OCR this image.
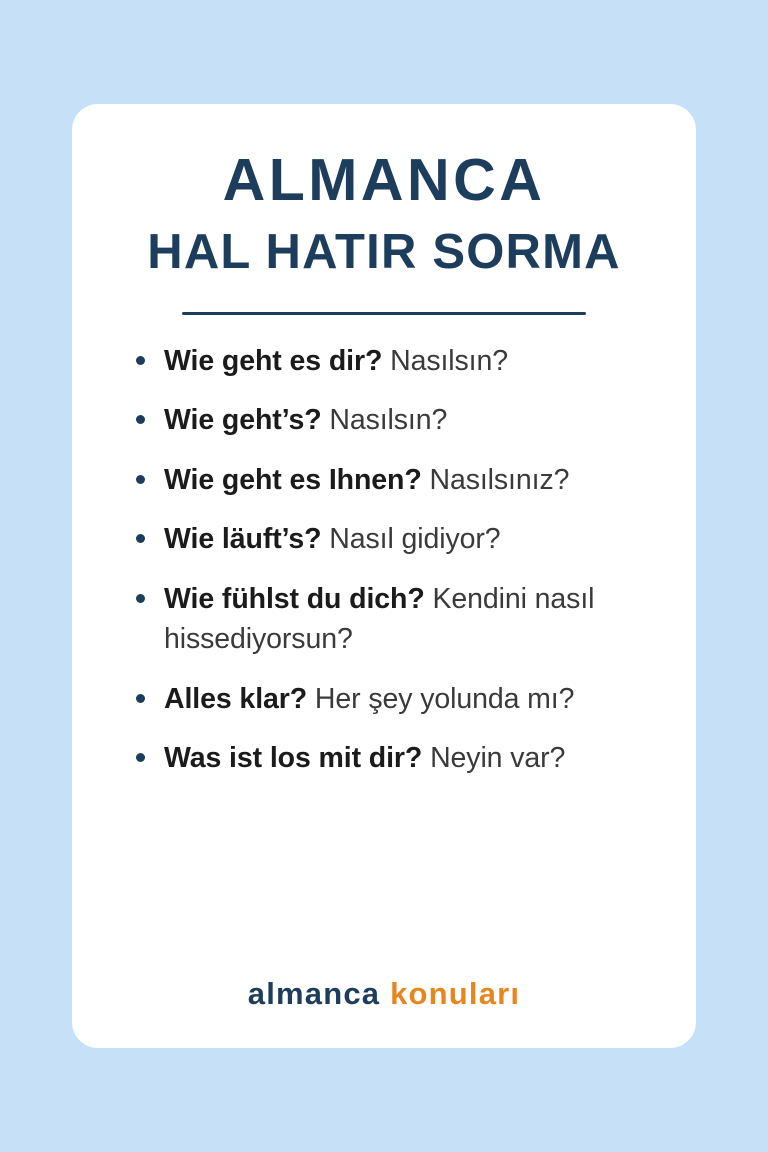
ALMANCA
HAL HATIR SORMA
Wie geht es dir? Nasılsın?
Wie geht’s? Nasılsın?
Wie geht es Ihnen? Nasılsınız?
Wie läuft’s? Nasıl gidiyor?
Wie fühlst du dich? Kendini nasıl hissediyorsun?
Alles klar? Her şey yolunda mı?
Was ist los mit dir? Neyin var?
almanca konuları
